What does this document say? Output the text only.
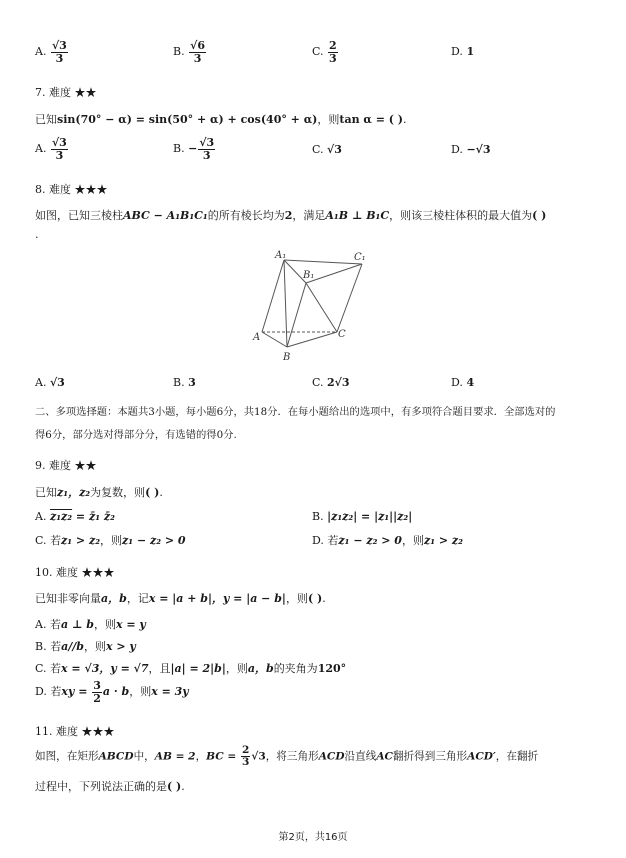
A. $\frac{√3}{3}$	B. $\frac{√6}{3}$	C. $\frac{2}{3}$	D. 1
7. 难度 ★★
已知sin(70° − α) = sin(50° + α) + cos(40° + α)，则tan α = ( ).
A. $\frac{√3}{3}$	B. − $\frac{√3}{3}$	C. √3	D. −√3
8. 难度 ★★★
如图，已知三棱柱ABC − A₁B₁C₁的所有棱长均为2，满足A₁B ⊥ B₁C，则该三棱柱体积的最大值为( )
.
A₁
B₁
C₁
A
B
C
A. √3	B. 3	C. 2√3	D. 4
二、多项选择题：本题共3小题，每小题6分，共18分．在每小题给出的选项中，有多项符合题目要求．全部选对的
得6分，部分选对得部分分，有选错的得0分.
9. 难度 ★★
已知z₁，z₂为复数，则( ).
A. z₁z₂ = z̄₁ z̄₂	B. |z₁z₂| = |z₁||z₂|
C. 若z₁ > z₂，则z₁ − z₂ > 0	D. 若z₁ − z₂ > 0，则z₁ > z₂
10. 难度 ★★★
已知非零向量a，b，记x = |a + b|，y = |a − b|，则( ).
A. 若a ⊥ b，则x = y
B. 若a//b，则x > y
C. 若x = √3，y = √7，且|a| = 2|b|，则a，b的夹角为120°
D. 若xy = $\frac{3}{2}$ a · b，则x = 3y
11. 难度 ★★★
如图，在矩形ABCD中，AB = 2，BC = $\frac{2}{3} √3$，将三角形ACD沿直线AC翻折得到三角形ACD′，在翻折
过程中，下列说法正确的是( ).
第2页，共16页
